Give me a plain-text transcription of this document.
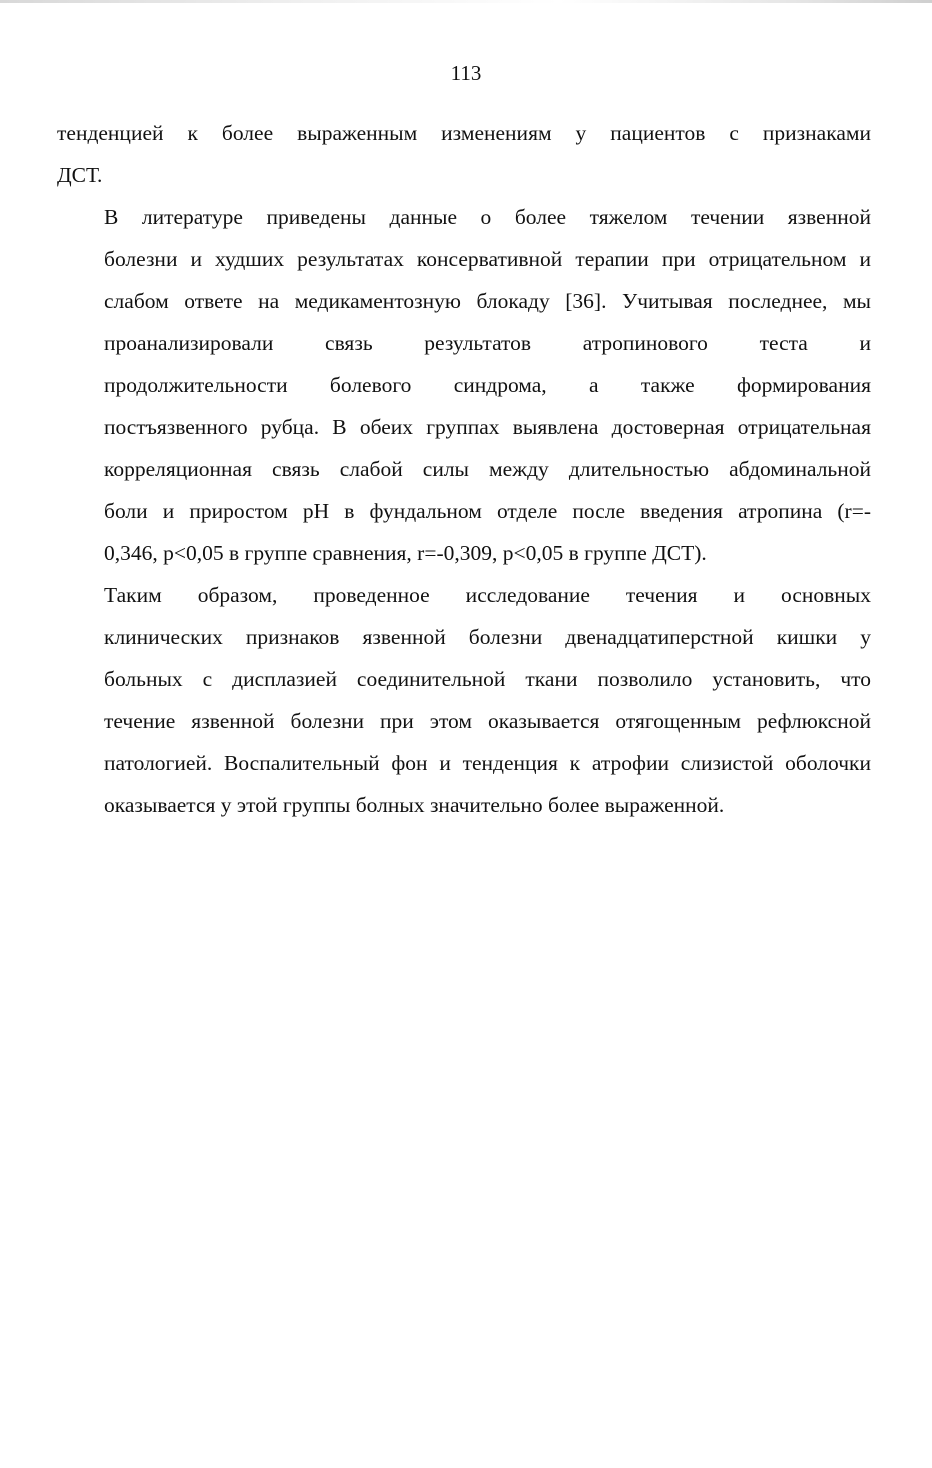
113
тенденцией к более выраженным изменениям у пациентов с признаками
ДСТ.
В литературе приведены данные о более тяжелом течении язвенной
болезни и худших результатах консервативной терапии при отрицательном и
слабом ответе на медикаментозную блокаду [36]. Учитывая последнее, мы
проанализировали связь результатов атропинового теста и
продолжительности болевого синдрома, а также формирования
постъязвенного рубца. В обеих группах выявлена достоверная отрицательная
корреляционная связь слабой силы между длительностью абдоминальной
боли и приростом pH в фундальном отделе после введения атропина (r=-
0,346, p<0,05 в группе сравнения, r=-0,309, p<0,05 в группе ДСТ).
Таким образом, проведенное исследование течения и основных
клинических признаков язвенной болезни двенадцатиперстной кишки у
больных с дисплазией соединительной ткани позволило установить, что
течение язвенной болезни при этом оказывается отягощенным рефлюксной
патологией. Воспалительный фон и тенденция к атрофии слизистой оболочки
оказывается у этой группы болных значительно более выраженной.
